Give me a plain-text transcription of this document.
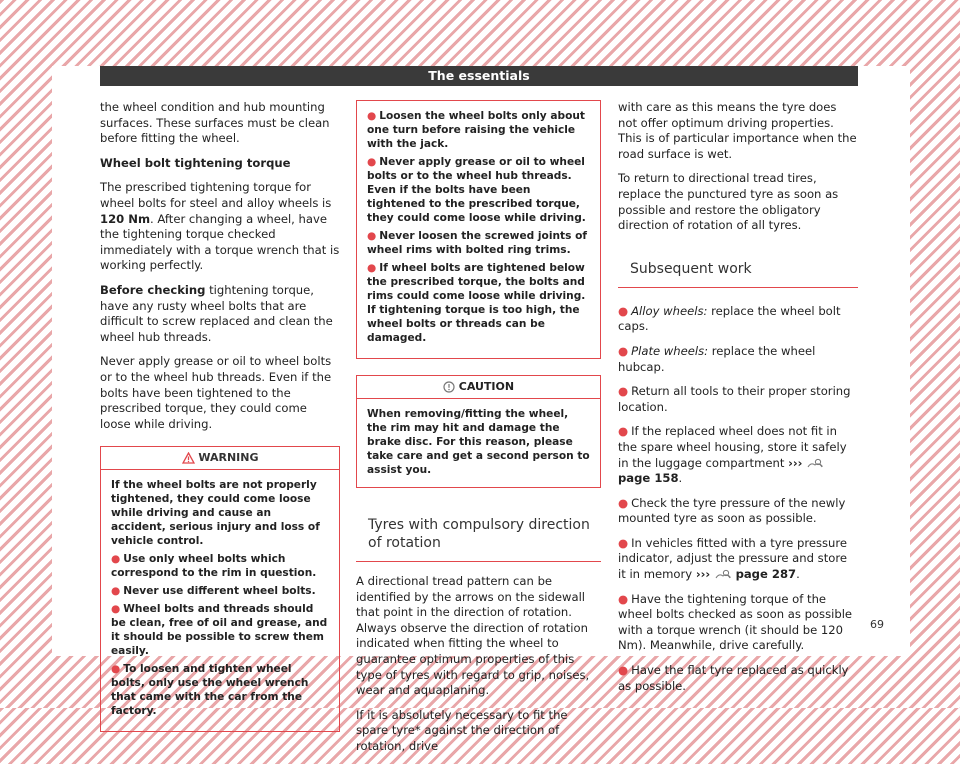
The essentials

the wheel condition and hub mounting surfaces. These surfaces must be clean before fitting the wheel.

Wheel bolt tightening torque

The prescribed tightening torque for wheel bolts for steel and alloy wheels is 120 Nm. After changing a wheel, have the tightening torque checked immediately with a torque wrench that is working perfectly.

Before checking tightening torque, have any rusty wheel bolts that are difficult to screw replaced and clean the wheel hub threads.

Never apply grease or oil to wheel bolts or to the wheel hub threads. Even if the bolts have been tightened to the prescribed torque, they could come loose while driving.

WARNING

If the wheel bolts are not properly tightened, they could come loose while driving and cause an accident, serious injury and loss of vehicle control.

● Use only wheel bolts which correspond to the rim in question.

● Never use different wheel bolts.

● Wheel bolts and threads should be clean, free of oil and grease, and it should be possible to screw them easily.

● To loosen and tighten wheel bolts, only use the wheel wrench that came with the car from the factory.

● Loosen the wheel bolts only about one turn before raising the vehicle with the jack.

● Never apply grease or oil to wheel bolts or to the wheel hub threads. Even if the bolts have been tightened to the prescribed torque, they could come loose while driving.

● Never loosen the screwed joints of wheel rims with bolted ring trims.

● If wheel bolts are tightened below the prescribed torque, the bolts and rims could come loose while driving. If tightening torque is too high, the wheel bolts or threads can be damaged.

CAUTION
When removing/fitting the wheel, the rim may hit and damage the brake disc. For this reason, please take care and get a second person to assist you.
Tyres with compulsory direction of rotation

A directional tread pattern can be identified by the arrows on the sidewall that point in the direction of rotation. Always observe the direction of rotation indicated when fitting the wheel to guarantee optimum properties of this type of tyres with regard to grip, noises, wear and aquaplaning.

If it is absolutely necessary to fit the spare tyre* against the direction of rotation, drive

with care as this means the tyre does not offer optimum driving properties. This is of particular importance when the road surface is wet.

To return to directional tread tires, replace the punctured tyre as soon as possible and restore the obligatory direction of rotation of all tyres.

Subsequent work

● Alloy wheels: replace the wheel bolt caps.

● Plate wheels: replace the wheel hubcap.

● Return all tools to their proper storing location.

● If the replaced wheel does not fit in the spare wheel housing, store it safely in the luggage compartment ›››  page 158.

● Check the tyre pressure of the newly mounted tyre as soon as possible.

● In vehicles fitted with a tyre pressure indicator, adjust the pressure and store it in memory ››› page 287.

● Have the tightening torque of the wheel bolts checked as soon as possible with a torque wrench (it should be 120 Nm). Meanwhile, drive carefully.

● Have the flat tyre replaced as quickly as possible.

69
